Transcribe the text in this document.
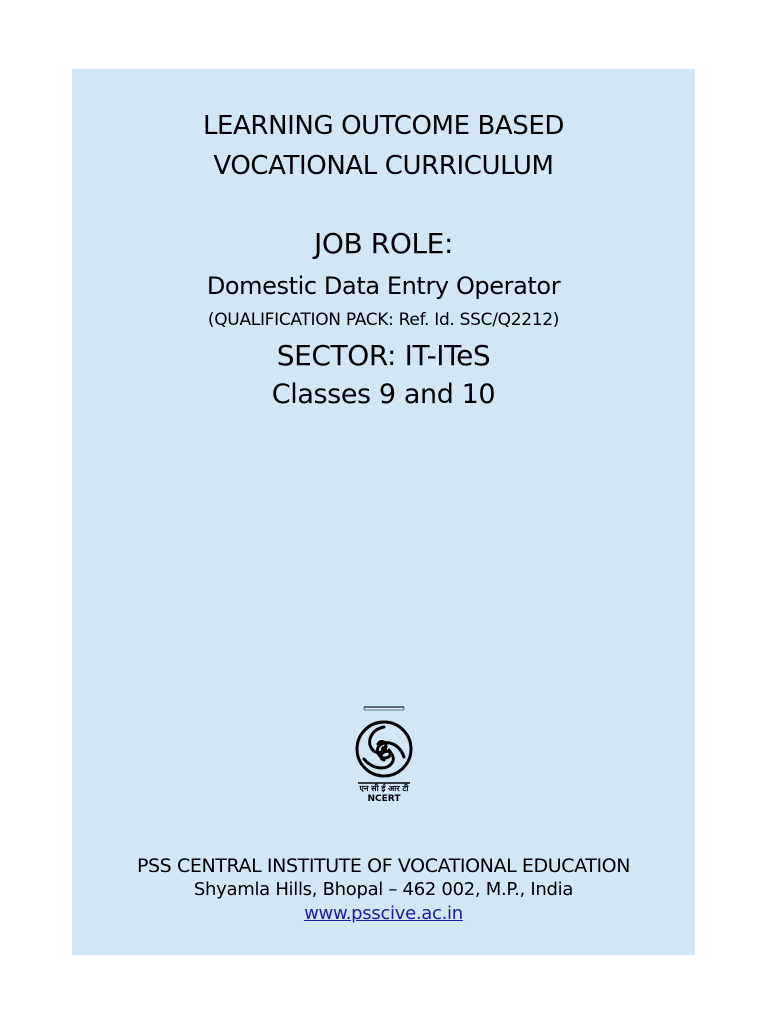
LEARNING OUTCOME BASED
VOCATIONAL CURRICULUM
JOB ROLE:
Domestic Data Entry Operator
(QUALIFICATION PACK: Ref. Id. SSC/Q2212)
SECTOR: IT-ITeS
Classes 9 and 10
एन सी ई आर टी
NCERT
PSS CENTRAL INSTITUTE OF VOCATIONAL EDUCATION
Shyamla Hills, Bhopal – 462 002, M.P., India
www.psscive.ac.in
